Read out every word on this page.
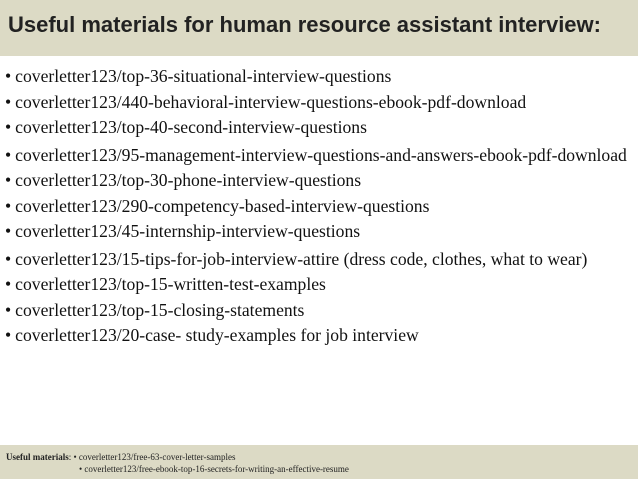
Useful materials for human resource assistant interview:
• coverletter123/top-36-situational-interview-questions
• coverletter123/440-behavioral-interview-questions-ebook-pdf-download
• coverletter123/top-40-second-interview-questions
• coverletter123/95-management-interview-questions-and-answers-ebook-pdf-download
• coverletter123/top-30-phone-interview-questions
• coverletter123/290-competency-based-interview-questions
• coverletter123/45-internship-interview-questions
• coverletter123/15-tips-for-job-interview-attire (dress code, clothes, what to wear)
• coverletter123/top-15-written-test-examples
• coverletter123/top-15-closing-statements
• coverletter123/20-case- study-examples for job interview
Useful materials: • coverletter123/free-63-cover-letter-samples
• coverletter123/free-ebook-top-16-secrets-for-writing-an-effective-resume
